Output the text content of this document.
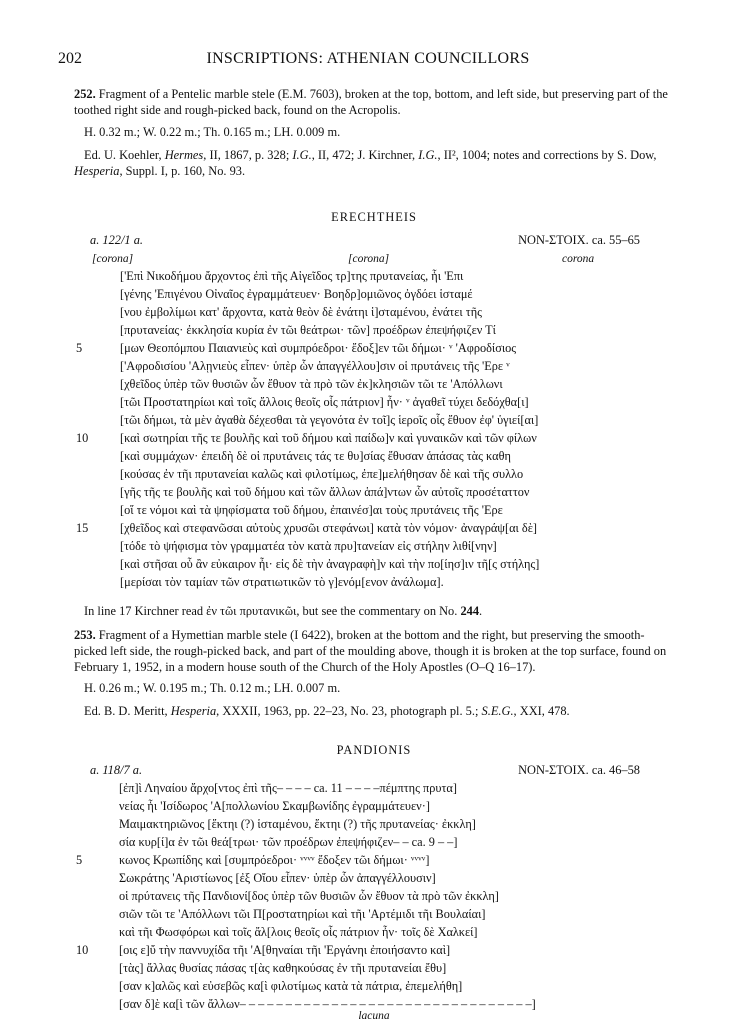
202	INSCRIPTIONS: ATHENIAN COUNCILLORS
252. Fragment of a Pentelic marble stele (E.M. 7603), broken at the top, bottom, and left side, but preserving part of the toothed right side and rough-picked back, found on the Acropolis.
H. 0.32 m.; W. 0.22 m.; Th. 0.165 m.; LH. 0.009 m.
Ed. U. Koehler, Hermes, II, 1867, p. 328; I.G., II, 472; J. Kirchner, I.G., II², 1004; notes and corrections by S. Dow, Hesperia, Suppl. I, p. 160, No. 93.
ERECHTHEIS
a. 122/1 a.	NON-ΣΤΟΙΧ. ca. 55–65
[corona]	[corona]	corona
['Επὶ Νικοδήμου ἄρχοντος ἐπὶ τῆς Αἰγεῖδος τρ]της πρυτανείας, ἧι 'Επι
[γένης 'Επιγένου Οἰναῖος ἐγραμμάτευεν· Βοηδρ]ομιῶνος ὀγδόει ἱσταμέ
[νου ἐμβολίμωι κατ' ἄρχοντα, κατὰ θεὸν δὲ ἐνάτηι ἱ]σταμένου, ἐνάτει τῆς
[πρυτανείας· ἐκκλησία κυρία ἐν τῶι θεάτρωι· τῶν] προέδρων ἐπεψήφιζεν Τί
[μων Θεοπόμπου Παιανιεὺς καὶ συμπρόεδροι· ἔδοξ]εν τῶι δήμωι· ᵛ 'Αφροδίσιος
['Αφροδισίου 'Αλῃνιεὺς εἶπεν· ὑπὲρ ὧν ἀπαγγέλλου]σιν οἱ πρυτάνεις τῆς 'Ερε ᵛ
[χθεῖδος ὑπὲρ τῶν θυσιῶν ὧν ἔθυον τὰ πρὸ τῶν ἐκ]κλησιῶν τῶι τε 'Απόλλωνι
[τῶι Προστατηρίωι καὶ τοῖς ἄλλοις θεοῖς οἷς πάτριον] ἦν· ᵛ ἀγαθεῖ τύχει δεδόχθα[ι]
[τῶι δήμωι, τὰ μὲν ἀγαθὰ δέχεσθαι τὰ γεγονότα ἐν τοῖ]ς ἱεροῖς οἷς ἔθυον ἐφ' ὑγιεί[αι]
[καὶ σωτηρίαι τῆς τε βουλῆς καὶ τοῦ δήμου καὶ παίδω]ν καὶ γυναικῶν καὶ τῶν φίλων
[καὶ συμμάχων· ἐπειδὴ δὲ οἱ πρυτάνεις τάς τε θυ]σίας ἔθυσαν ἁπάσας τὰς καθη
[κούσας ἐν τῆι πρυτανείαι καλῶς καὶ φιλοτίμως, ἐπε]μελήθησαν δὲ καὶ τῆς συλλο
[γῆς τῆς τε βουλῆς καὶ τοῦ δήμου καὶ τῶν ἄλλων ἁπά]ντων ὧν αὐτοῖς προσέταττον
[οἵ τε νόμοι καὶ τὰ ψηφίσματα τοῦ δήμου, ἐπαινέσ]αι τοὺς πρυτάνεις τῆς 'Ερε
[χθεῖδος καὶ στεφανῶσαι αὐτοὺς χρυσῶι στεφάνωι] κατὰ τὸν νόμον· ἀναγράψ[αι δὲ]
[τόδε τὸ ψήφισμα τὸν γραμματέα τὸν κατὰ πρυ]τανείαν εἰς στήλην λιθί[νην]
[καὶ στῆσαι οὗ ἂν εὐκαιρον ἦι· εἰς δὲ τὴν ἀναγραφὴ]ν καὶ τὴν πο[ίησ]ιν τῆ[ς στήλης]
[μερίσαι τὸν ταμίαν τῶν στρατιωτικῶν τὸ γ]ενόμ[ενον ἀνάλωμα].
5
10
15
In line 17 Kirchner read ἐν τῶι πρυτανικῶι, but see the commentary on No. 244.
253. Fragment of a Hymettian marble stele (I 6422), broken at the bottom and the right, but preserving the smooth-picked left side, the rough-picked back, and part of the moulding above, though it is broken at the top surface, found on February 1, 1952, in a modern house south of the Church of the Holy Apostles (O–Q 16–17).
H. 0.26 m.; W. 0.195 m.; Th. 0.12 m.; LH. 0.007 m.
Ed. B. D. Meritt, Hesperia, XXXII, 1963, pp. 22–23, No. 23, photograph pl. 5.; S.E.G., XXI, 478.
PANDIONIS
a. 118/7 a.	NON-ΣΤΟΙΧ. ca. 46–58
[ἐπ]ὶ Ληναίου ἄρχο[ντος ἐπὶ τῆς– – – – ca. 11 – – – –πέμπτης πρυτα]
νείας ἧι 'Ισίδωρος 'Α[πολλωνίου Σκαμβωνίδης ἐγραμμάτευεν·]
Μαιμακτηριῶνος [ἕκτηι (?) ἱσταμένου, ἕκτηι (?) τῆς πρυτανείας· ἐκκλη]
σία κυρ[ί]α ἐν τῶι θεά[τρωι· τῶν προέδρων ἐπεψήφιζεν– – ca. 9 – –]
κωνος Κρωπίδης καὶ [συμπρόεδροι· ᵛᵛᵛᵛ ἔδοξεν τῶι δήμωι· ᵛᵛᵛᵛ]
Σωκράτης 'Αριστίωνος [ἐξ Οἴου εἶπεν· ὑπὲρ ὧν ἀπαγγέλλουσιν]
οἱ πρύτανεις τῆς Πανδιονί[δος ὑπὲρ τῶν θυσιῶν ὧν ἔθυον τὰ πρὸ τῶν ἐκκλη]
σιῶν τῶι τε 'Απόλλωνι τῶι Π[ροστατηρίωι καὶ τῆι 'Αρτέμιδι τῆι Βουλαίαι]
καὶ τῆι Φωσφόρωι καὶ τοῖς ἄλ[λοις θεοῖς οἷς πάτριον ἦν· τοῖς δὲ Χαλκεί]
[οις ε]ὔ τὴν παννυχίδα τῆι 'Α[θηναίαι τῆι 'Εργάνηι ἐποιήσαντο καὶ]
[τὰς] ἄλλας θυσίας πάσας τ[ὰς καθηκούσας ἐν τῆι πρυτανείαι ἔθυ]
[σαν κ]αλῶς καὶ εὐσεβῶς κα[ὶ φιλοτίμως κατὰ τὰ πάτρια, ἐπεμελήθη]
[σαν δ]ὲ κα[ὶ τῶν ἄλλων– – – – – – – – – – – – – – – – – – – – – – – – – – – – – – – –]
5
10
lacuna
